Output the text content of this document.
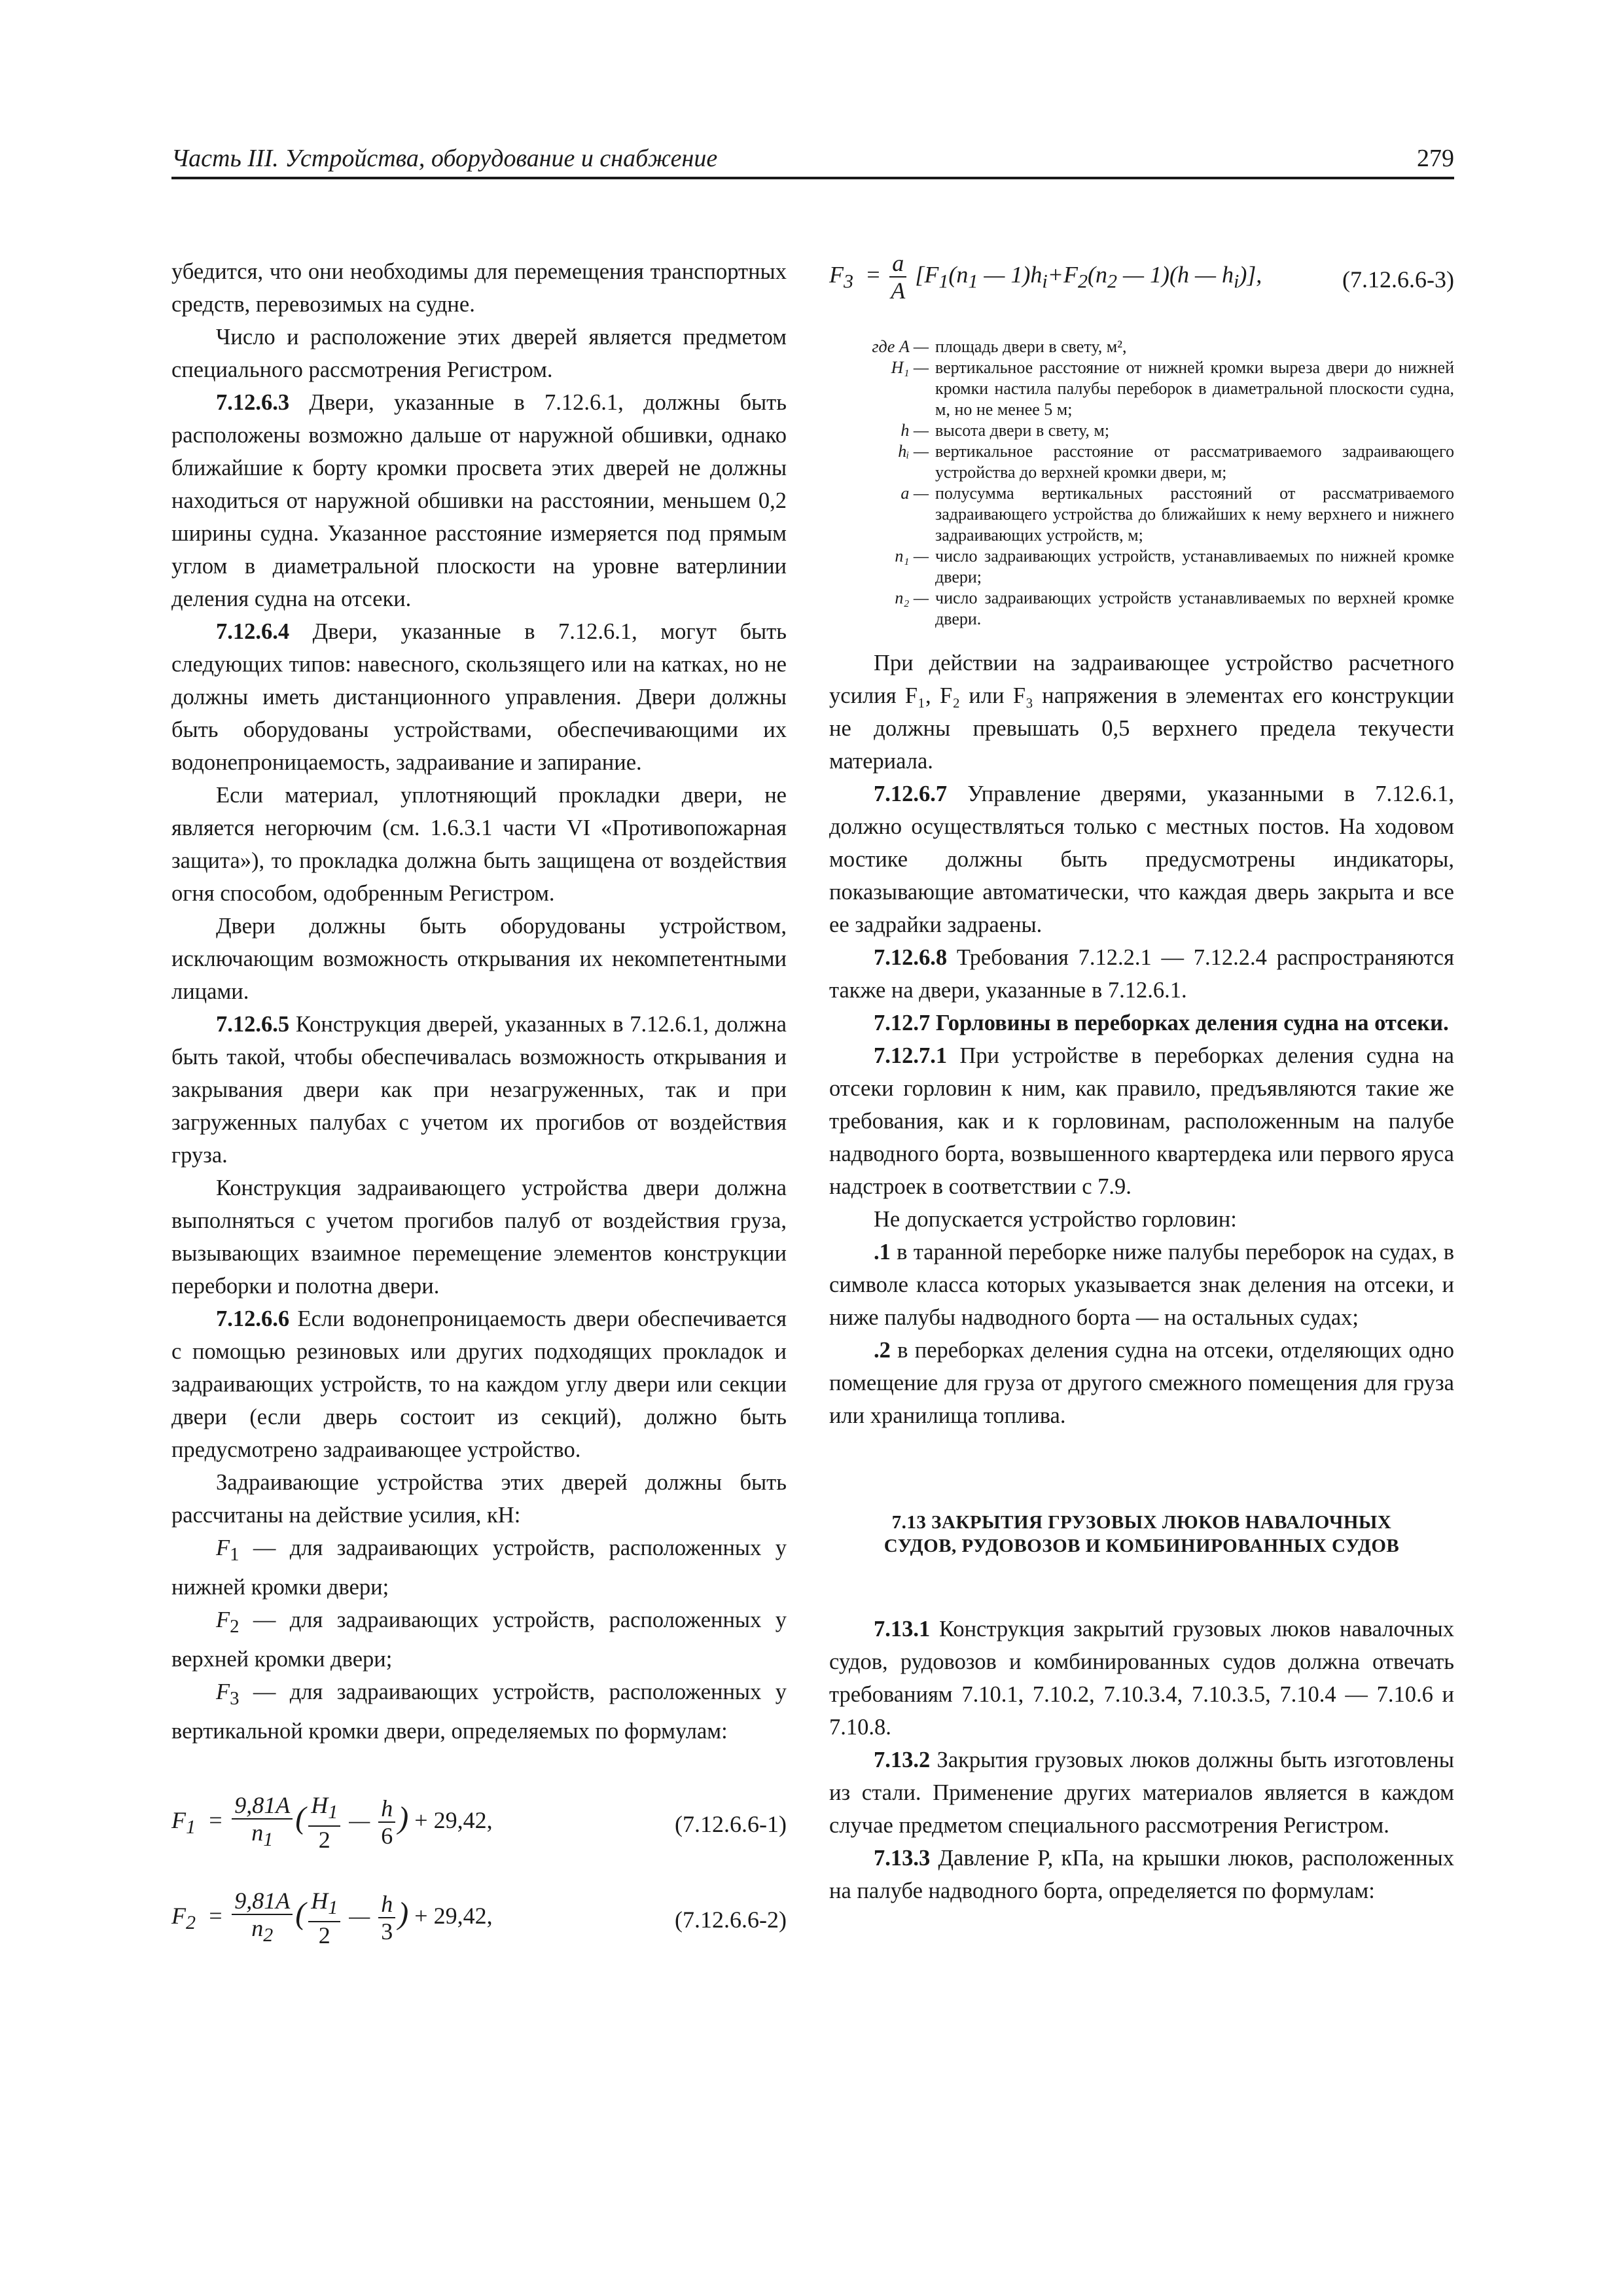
Часть III. Устройства, оборудование и снабжение	279

убедится, что они необходимы для перемещения транспортных средств, перевозимых на судне.

Число и расположение этих дверей является предметом специального рассмотрения Регистром.

7.12.6.3 Двери, указанные в 7.12.6.1, должны быть расположены возможно дальше от наружной обшивки, однако ближайшие к борту кромки просвета этих дверей не должны находиться от наружной обшивки на расстоянии, меньшем 0,2 ширины судна. Указанное расстояние измеряется под прямым углом в диаметральной плоскости на уровне ватерлинии деления судна на отсеки.

7.12.6.4 Двери, указанные в 7.12.6.1, могут быть следующих типов: навесного, скользящего или на катках, но не должны иметь дистанционного управления. Двери должны быть оборудованы устройствами, обеспечивающими их водонепроницаемость, задраивание и запирание.

Если материал, уплотняющий прокладки двери, не является негорючим (см. 1.6.3.1 части VI «Противопожарная защита»), то прокладка должна быть защищена от воздействия огня способом, одобренным Регистром.

Двери должны быть оборудованы устройством, исключающим возможность открывания их некомпетентными лицами.

7.12.6.5 Конструкция дверей, указанных в 7.12.6.1, должна быть такой, чтобы обеспечивалась возможность открывания и закрывания двери как при незагруженных, так и при загруженных палубах с учетом их прогибов от воздействия груза.

Конструкция задраивающего устройства двери должна выполняться с учетом прогибов палуб от воздействия груза, вызывающих взаимное перемещение элементов конструкции переборки и полотна двери.

7.12.6.6 Если водонепроницаемость двери обеспечивается с помощью резиновых или других подходящих прокладок и задраивающих устройств, то на каждом углу двери или секции двери (если дверь состоит из секций), должно быть предусмотрено задраивающее устройство.

Задраивающие устройства этих дверей должны быть рассчитаны на действие усилия, кН:

$F_1$ — для задраивающих устройств, расположенных у нижней кромки двери;

$F_2$ — для задраивающих устройств, расположенных у верхней кромки двери;

$F_3$ — для задраивающих устройств, расположенных у вертикальной кромки двери, определяемых по формулам:

$F_1 = \frac{9,81A}{n_1}$ ( $\frac{H_1}{2}$ — $\frac{h}{6}$ ) + 29,42,	(7.12.6.6-1)
$F_2 = \frac{9,81A}{n_2}$ ( $\frac{H_1}{2}$ — $\frac{h}{3}$ ) + 29,42,	(7.12.6.6-2)
$F_3 = \frac{a}{A} [F_1(n_1$ — $1)h_i+F_2(n_2$ — 1)(h — $h_i$)],	(7.12.6.6-3)
где A — площадь двери в свету, м²,
H₁ — вертикальное расстояние от нижней кромки выреза двери до нижней кромки настила палубы переборок в диаметральной плоскости судна, м, но не менее 5 м;
h — высота двери в свету, м;
hᵢ — вертикальное расстояние от рассматриваемого задраивающего устройства до верхней кромки двери, м;
a — полусумма вертикальных расстояний от рассматриваемого задраивающего устройства до ближайших к нему верхнего и нижнего задраивающих устройств, м;
n₁ — число задраивающих устройств, устанавливаемых по нижней кромке двери;
n₂ — число задраивающих устройств устанавливаемых по верхней кромке двери.

При действии на задраивающее устройство расчетного усилия F₁, F₂ или F₃ напряжения в элементах его конструкции не должны превышать 0,5 верхнего предела текучести материала.

7.12.6.7 Управление дверями, указанными в 7.12.6.1, должно осуществляться только с местных постов. На ходовом мостике должны быть предусмотрены индикаторы, показывающие автоматически, что каждая дверь закрыта и все ее задрайки задраены.

7.12.6.8 Требования 7.12.2.1 — 7.12.2.4 распространяются также на двери, указанные в 7.12.6.1.

7.12.7 Горловины в переборках деления судна на отсеки.

7.12.7.1 При устройстве в переборках деления судна на отсеки горловин к ним, как правило, предъявляются такие же требования, как и к горловинам, расположенным на палубе надводного борта, возвышенного квартердека или первого яруса надстроек в соответствии с 7.9.

Не допускается устройство горловин:

.1 в таранной переборке ниже палубы переборок на судах, в символе класса которых указывается знак деления на отсеки, и ниже палубы надводного борта — на остальных судах;

.2 в переборках деления судна на отсеки, отделяющих одно помещение для груза от другого смежного помещения для груза или хранилища топлива.

7.13 ЗАКРЫТИЯ ГРУЗОВЫХ ЛЮКОВ НАВАЛОЧНЫХ
СУДОВ, РУДОВОЗОВ И КОМБИНИРОВАННЫХ СУДОВ

7.13.1 Конструкция закрытий грузовых люков навалочных судов, рудовозов и комбинированных судов должна отвечать требованиям 7.10.1, 7.10.2, 7.10.3.4, 7.10.3.5, 7.10.4 — 7.10.6 и 7.10.8.

7.13.2 Закрытия грузовых люков должны быть изготовлены из стали. Применение других материалов является в каждом случае предметом специального рассмотрения Регистром.

7.13.3 Давление P, кПа, на крышки люков, расположенных на палубе надводного борта, определяется по формулам:
